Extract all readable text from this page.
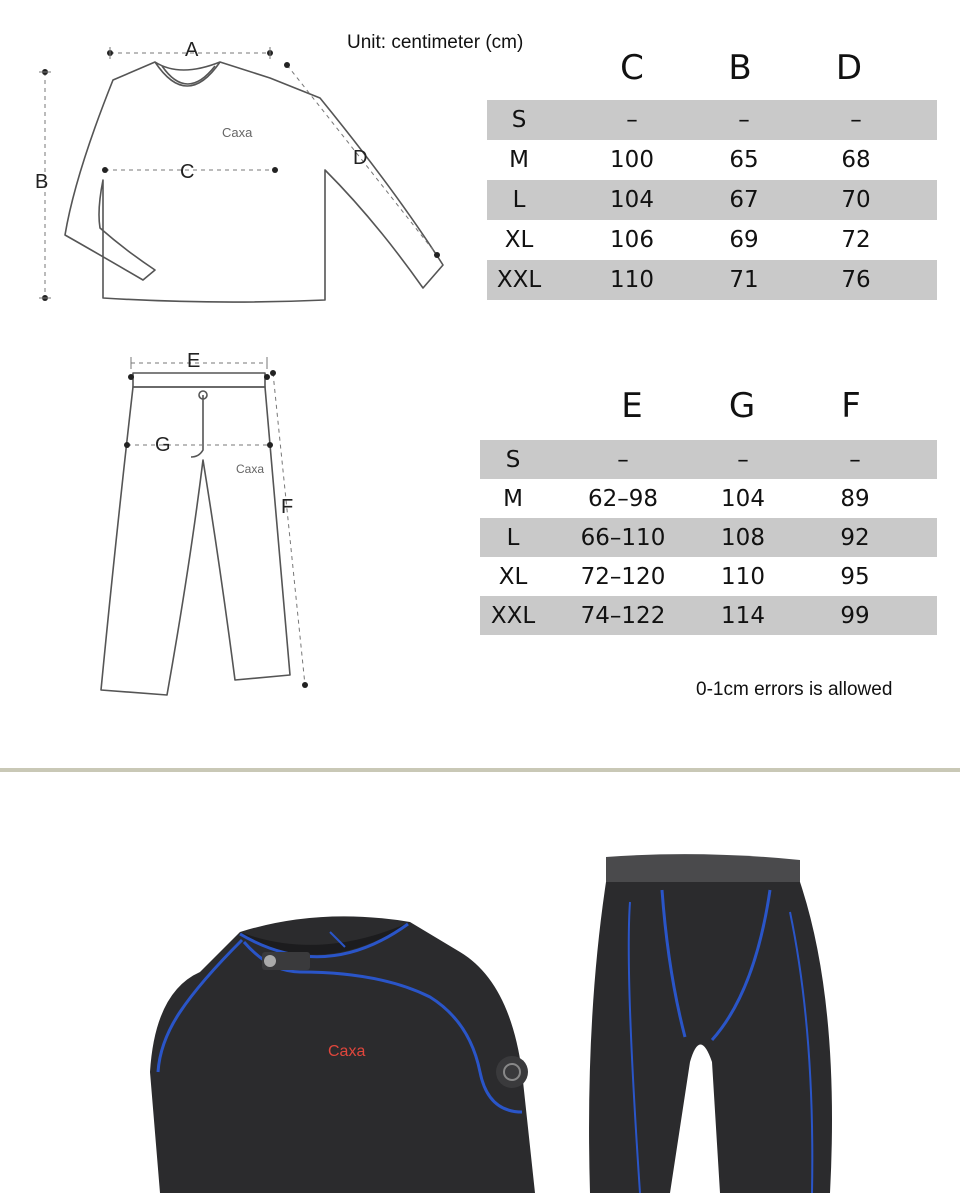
Unit: centimeter (cm)
A
B	C
D
Caxa
E
G
F
Caxa
C	B	D
S	–	–	–
M	100	65	68
L	104	67	70
XL	106	69	72
XXL	110	71	76
E	G	F
S	–	–	–
M	62–98	104	89
L	66–110	108	92
XL	72–120	110	95
XXL	74–122	114	99
0-1cm errors is allowed
Caxa
